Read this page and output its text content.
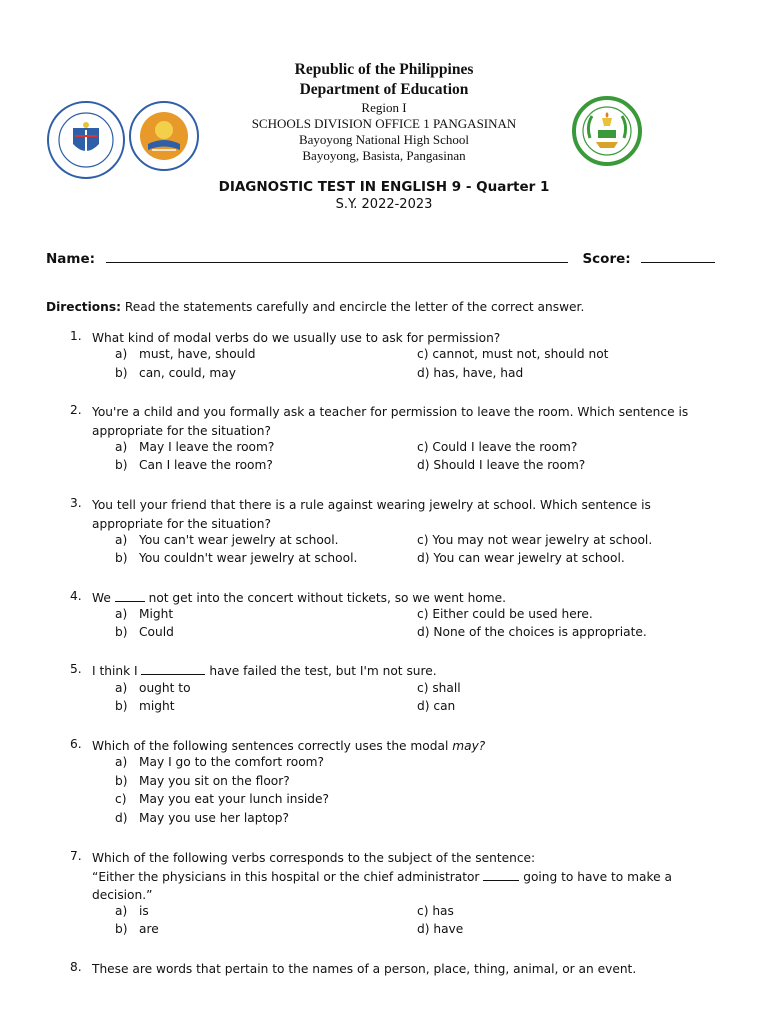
Republic of the Philippines
Department of Education
Region I
SCHOOLS DIVISION OFFICE 1 PANGASINAN
Bayoyong National High School
Bayoyong, Basista, Pangasinan
DIAGNOSTIC TEST IN ENGLISH 9 - Quarter 1
S.Y. 2022-2023
Name:	Score:
Directions: Read the statements carefully and encircle the letter of the correct answer.
1. What kind of modal verbs do we usually use to ask for permission?
a) must, have, should
b) can, could, may
c) cannot, must not, should not
d) has, have, had
2. You're a child and you formally ask a teacher for permission to leave the room. Which sentence is appropriate for the situation?
a) May I leave the room?
b) Can I leave the room?
c) Could I leave the room?
d) Should I leave the room?
3. You tell your friend that there is a rule against wearing jewelry at school. Which sentence is appropriate for the situation?
a) You can't wear jewelry at school.
b) You couldn't wear jewelry at school.
c) You may not wear jewelry at school.
d) You can wear jewelry at school.
4. We	not get into the concert without tickets, so we went home.
a) Might
b) Could
c) Either could be used here.
d) None of the choices is appropriate.
5. I think I	have failed the test, but I'm not sure.
a) ought to
b) might
c) shall
d) can
6. Which of the following sentences correctly uses the modal may?
a) May I go to the comfort room?
b) May you sit on the floor?
c) May you eat your lunch inside?
d) May you use her laptop?
7. Which of the following verbs corresponds to the subject of the sentence:
“Either the physicians in this hospital or the chief administrator	going to have to make a decision.”
a) is
b) are
c) has
d) have
8. These are words that pertain to the names of a person, place, thing, animal, or an event.
